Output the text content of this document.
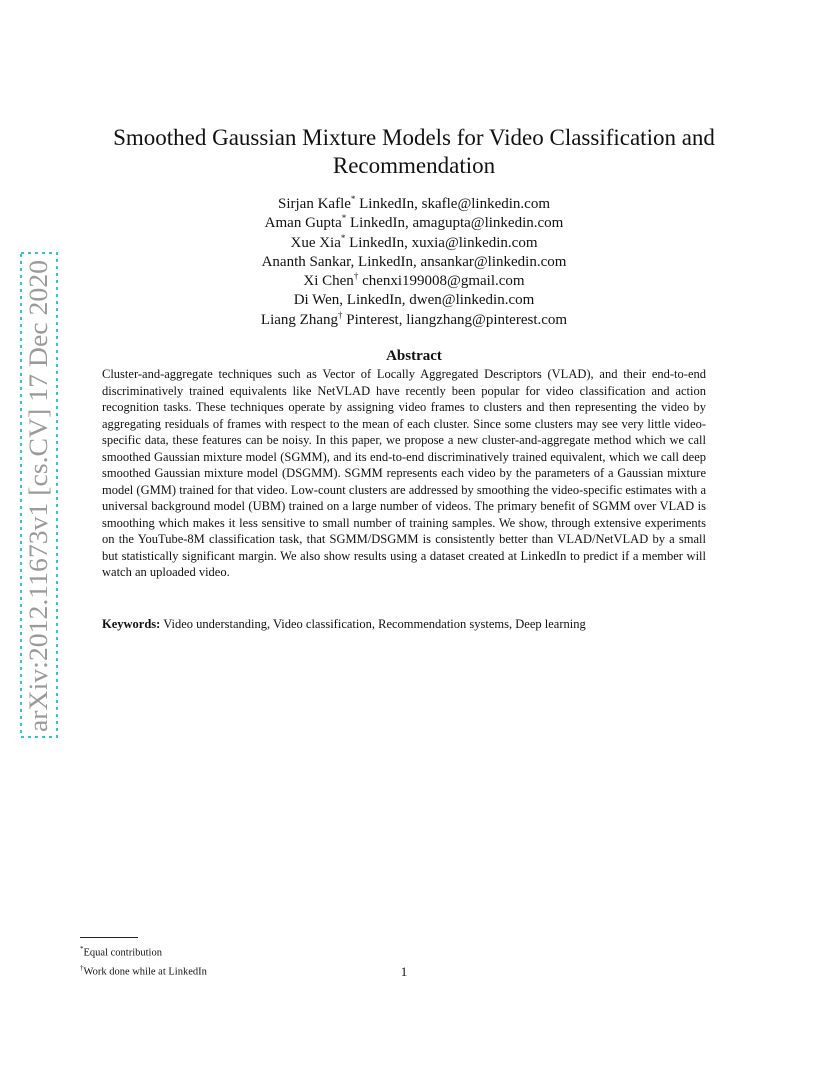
arXiv:2012.11673v1 [cs.CV] 17 Dec 2020
Smoothed Gaussian Mixture Models for Video Classification and
Recommendation
Sirjan Kafle* LinkedIn, skafle@linkedin.com
Aman Gupta* LinkedIn, amagupta@linkedin.com
Xue Xia* LinkedIn, xuxia@linkedin.com
Ananth Sankar, LinkedIn, ansankar@linkedin.com
Xi Chen† chenxi199008@gmail.com
Di Wen, LinkedIn, dwen@linkedin.com
Liang Zhang† Pinterest, liangzhang@pinterest.com
Abstract

Cluster-and-aggregate techniques such as Vector of Locally Aggregated Descriptors (VLAD), and their end-to-end discriminatively trained equivalents like NetVLAD have recently been popular for video classification and action recognition tasks. These techniques operate by assigning video frames to clusters and then representing the video by aggregating residuals of frames with respect to the mean of each cluster. Since some clusters may see very little video-specific data, these features can be noisy. In this paper, we propose a new cluster-and-aggregate method which we call smoothed Gaussian mixture model (SGMM), and its end-to-end discriminatively trained equivalent, which we call deep smoothed Gaussian mixture model (DSGMM). SGMM represents each video by the parameters of a Gaussian mixture model (GMM) trained for that video. Low-count clusters are addressed by smoothing the video-specific estimates with a universal background model (UBM) trained on a large number of videos. The primary benefit of SGMM over VLAD is smoothing which makes it less sensitive to small number of training samples. We show, through extensive experiments on the YouTube-8M classification task, that SGMM/DSGMM is consistently better than VLAD/NetVLAD by a small but statistically significant margin. We also show results using a dataset created at LinkedIn to predict if a member will watch an uploaded video.

Keywords: Video understanding, Video classification, Recommendation systems, Deep learning

*Equal contribution
†Work done while at LinkedIn	1
